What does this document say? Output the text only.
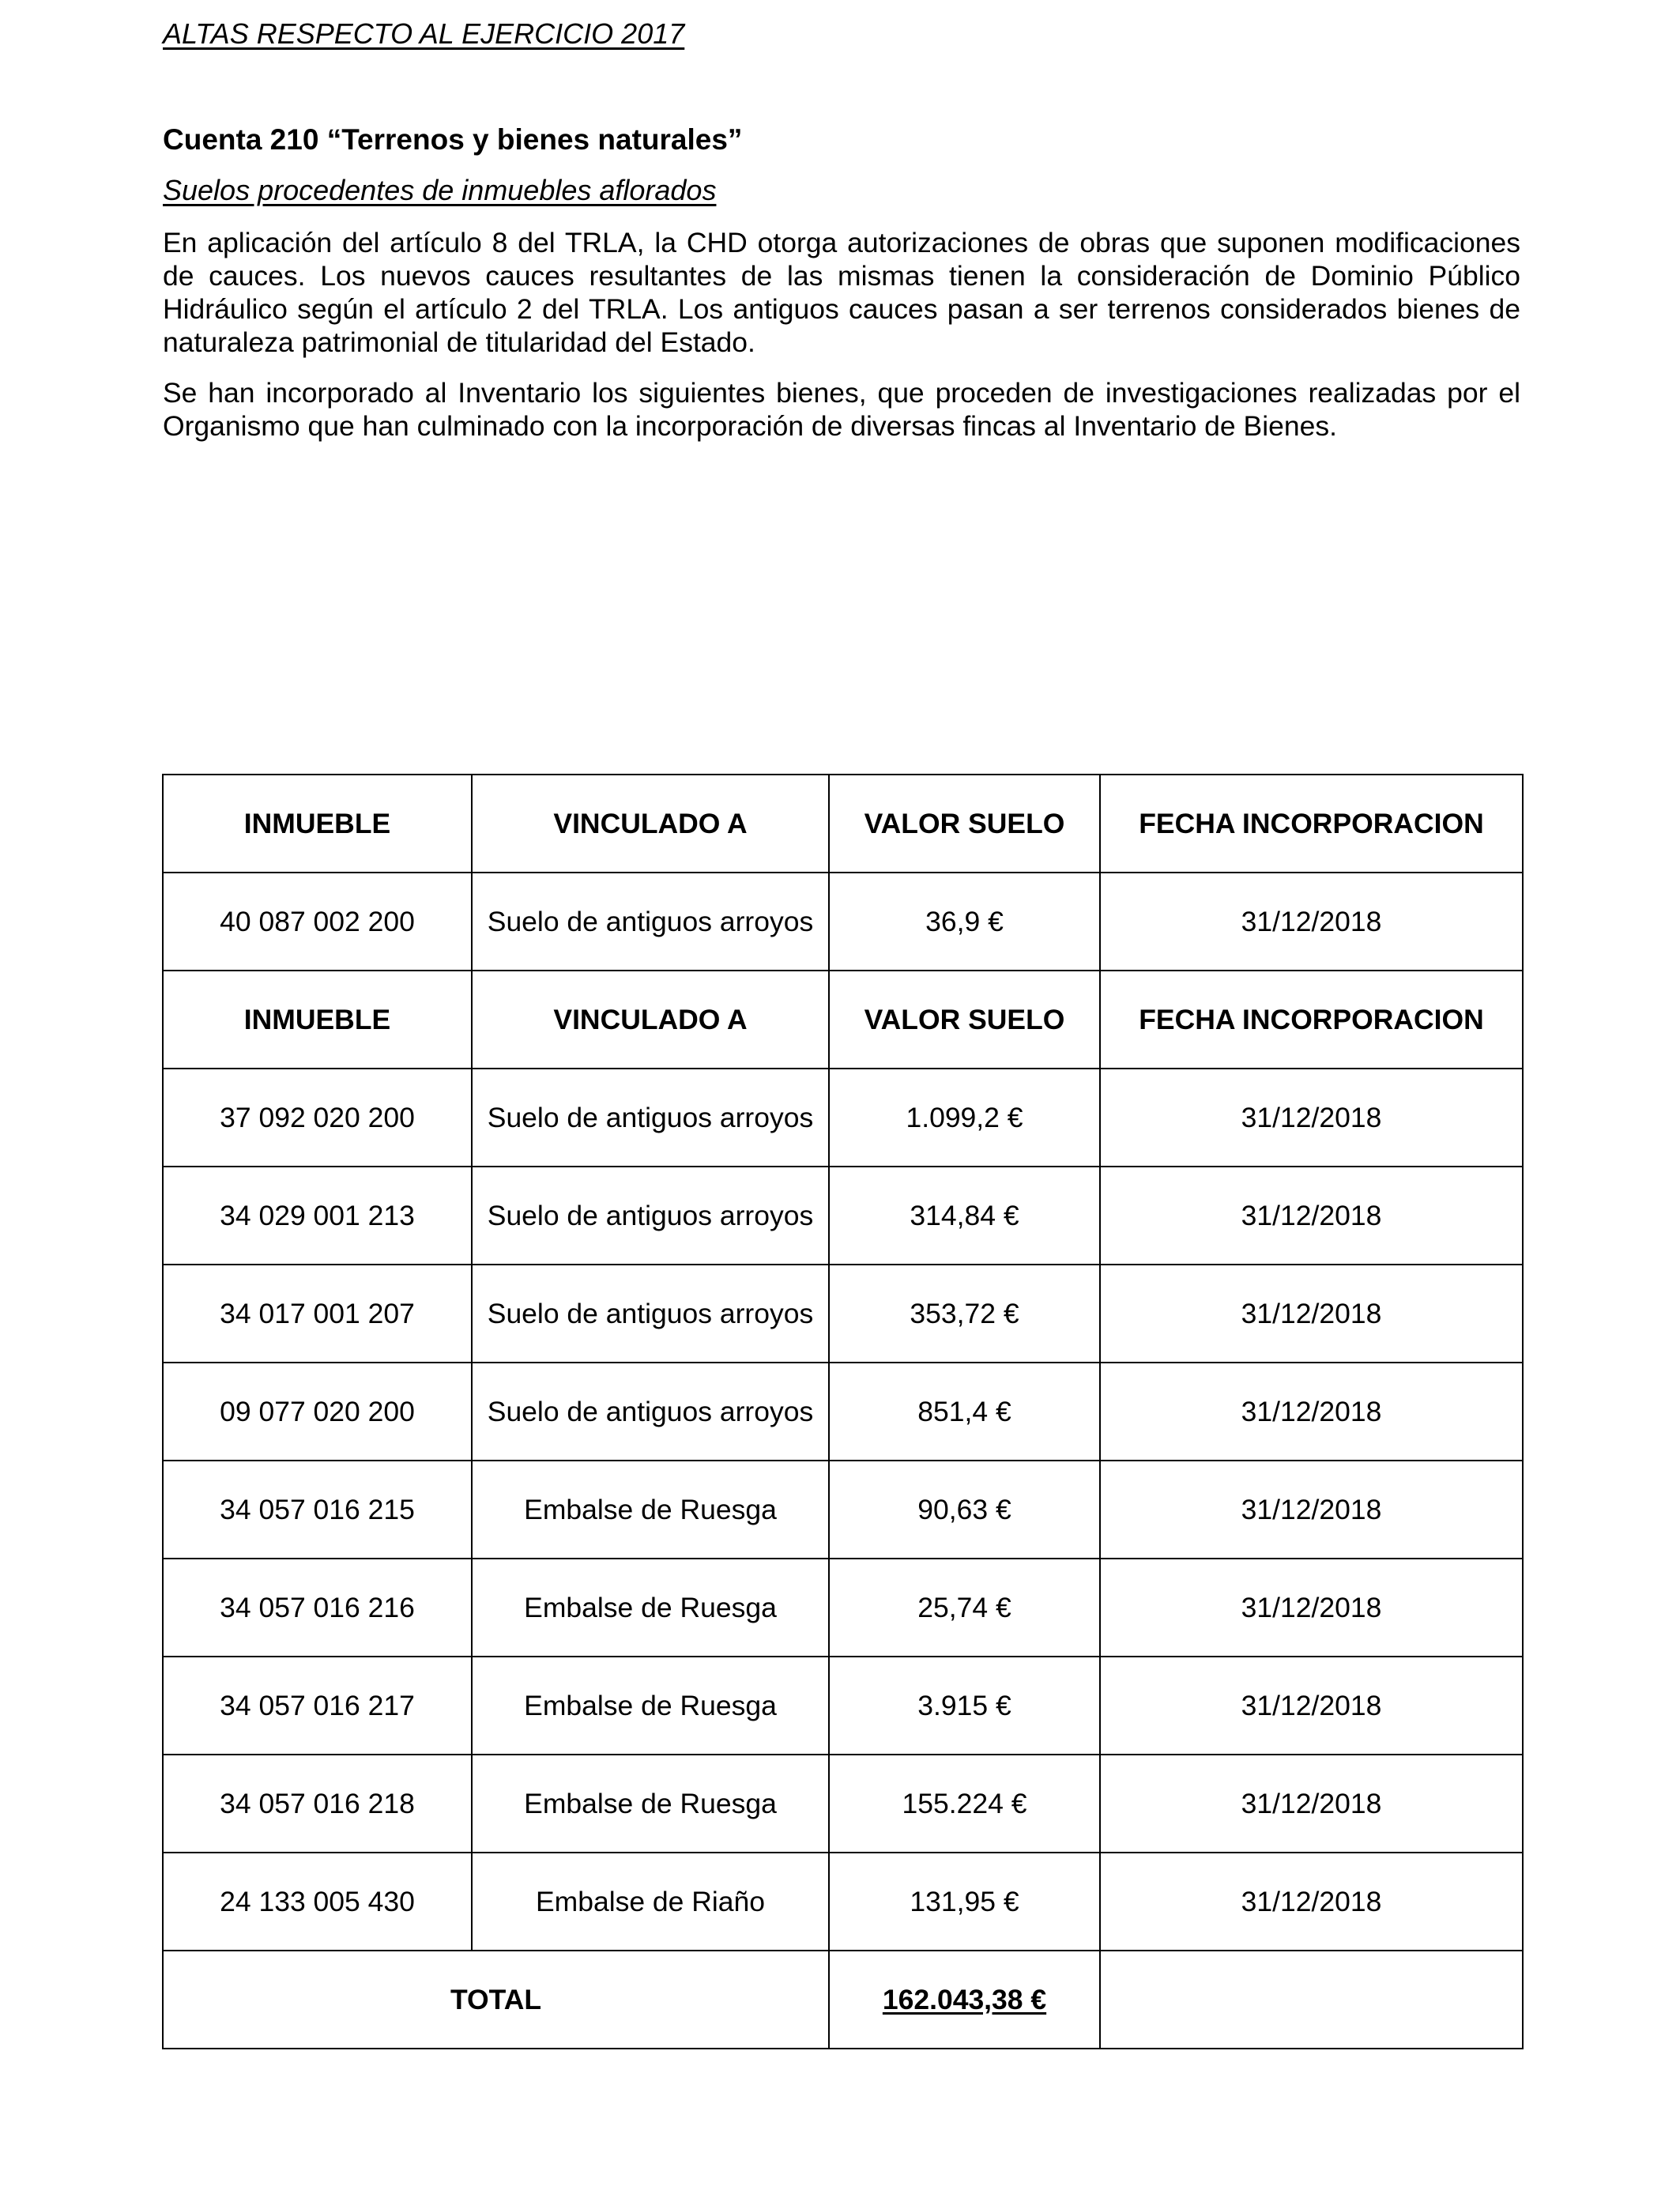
ALTAS RESPECTO AL EJERCICIO 2017
Cuenta 210 “Terrenos y bienes naturales”
Suelos procedentes de inmuebles aflorados
En aplicación del artículo 8 del TRLA, la CHD otorga autorizaciones de obras que suponen modificaciones de cauces. Los nuevos cauces resultantes de las mismas tienen la consideración de Dominio Público Hidráulico según el artículo 2 del TRLA. Los antiguos cauces pasan a ser terrenos considerados bienes de naturaleza patrimonial de titularidad del Estado.
Se han incorporado al Inventario los siguientes bienes, que proceden de investigaciones realizadas por el Organismo que han culminado con la incorporación de diversas fincas al Inventario de Bienes.
INMUEBLE	VINCULADO A	VALOR SUELO	FECHA INCORPORACION
40 087 002 200	Suelo de antiguos arroyos	36,9 €	31/12/2018
INMUEBLE	VINCULADO A	VALOR SUELO	FECHA INCORPORACION
37 092 020 200	Suelo de antiguos arroyos	1.099,2 €	31/12/2018
34 029 001 213	Suelo de antiguos arroyos	314,84 €	31/12/2018
34 017 001 207	Suelo de antiguos arroyos	353,72 €	31/12/2018
09 077 020 200	Suelo de antiguos arroyos	851,4 €	31/12/2018
34 057 016 215	Embalse de Ruesga	90,63 €	31/12/2018
34 057 016 216	Embalse de Ruesga	25,74 €	31/12/2018
34 057 016 217	Embalse de Ruesga	3.915 €	31/12/2018
34 057 016 218	Embalse de Ruesga	155.224 €	31/12/2018
24 133 005 430	Embalse de Riaño	131,95 €	31/12/2018
TOTAL		162.043,38 €	
